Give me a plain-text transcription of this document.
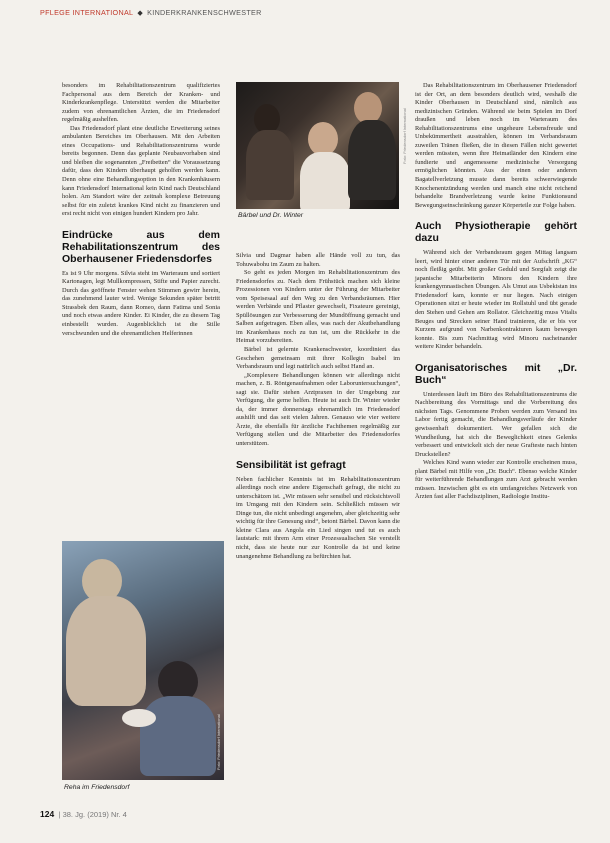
PFLEGE INTERNATIONAL ◆ KINDERKRANKENSCHWESTER

besonders im Rehabilitationszentrum qualifiziertes Fachpersonal aus dem Bereich der Kranken- und Kinderkrankenpflege. Unterstützt werden die Mitarbeiter zudem von ehrenamtlichen Ärzten, die im Friedensdorf regelmäßig aushelfen.

Das Friedensdorf plant eine deutliche Erweiterung seines ambulanten Bereiches im Oberhausen. Mit den Arbeiten eines Occupations- und Rehabilitationszentrums wurde bereits begonnen. Denn das geplante Neubauvorhaben sind und bleiben die sogenannten „Freibetten“ die Voraussetzung dafür, dass den Kindern überhaupt geholfen werden kann. Denn ohne eine Behandlungsoption in den Krankenhäusern kann Friedensdorf International kein Kind nach Deutschland holen. Am Standort wäre der zeitnah komplexe Betreuung selbst für ein zuletzt krankes Kind nicht zu finanzieren und erst recht nicht von einigen hundert Kindern pro Jahr.

Eindrücke aus dem Rehabilitationszentrum des Oberhausener Friedensdorfes

Es ist 9 Uhr morgens. Silvia steht im Warteraum und sortiert Kartonagen, legt Mullkompressen, Stifte und Papier zurecht. Durch das geöffnete Fenster wehen Stimmen gewirr herein, das zunehmend lauter wird. Wenige Sekunden später betritt Strassbek den Raum, dann Romeo, dann Fatima und Sonia und noch etwas andere Kinder. Ei Kinder, die zu diesem Tag einbestellt wurden. Augenblicklich ist die Stille verschwunden und die ehrenamtlichen Helferinnen

Foto: Friedensdorf International
Bärbel und Dr. Winter

Silvia und Dagmar haben alle Hände voll zu tun, das Tohuwabohu im Zaum zu halten.

So geht es jeden Morgen im Rehabilitationszentrum des Friedensdorfes zu. Nach dem Frühstück machen sich kleine Prozessionen von Kindern unter der Führung der Mitarbeiter vom Speisesaal auf den Weg zu den Verbandsräumen. Hier werden Verbände und Pflaster gewechselt, Fixateure gereinigt, Spüllösungen zur Verbesserung der Mundöffnung gemacht und Salben aufgetragen. Eben alles, was nach der Akutbehandlung im Krankenhaus noch zu tun ist, um die Rückkehr in die Heimat vorzubereiten.

Bärbel ist gelernte Krankenschwester, koordiniert das Geschehen gemeinsam mit ihrer Kollegin Isabel im Verbandsraum und legt natürlich auch selbst Hand an.

„Komplexere Behandlungen können wir allerdings nicht machen, z. B. Röntgenaufnahmen oder Laboruntersuchungen“, sagt sie. Dafür stehen Arztpraxen in der Umgebung zur Verfügung, die gerne helfen. Heute ist auch Dr. Winter wieder da, der immer donnerstags ehrenamtlich im Friedensdorf aushilft und das seit vielen Jahren. Genauso wie vier weitere Ärzte, die ebenfalls für ärztliche Fachthemen regelmäßig zur Verfügung stellen und die Mitarbeiter des Friedensdorfes unterstützen.

Sensibilität ist gefragt

Neben fachlicher Kenntnis ist im Rehabilitationszentrum allerdings noch eine andere Eigenschaft gefragt, die nicht zu unterschätzen ist. „Wir müssen sehr sensibel und rücksichtsvoll im Umgang mit den Kindern sein. Schließlich müssen wir Dinge tun, die nicht unbedingt angenehm, aber gleichzeitig sehr wichtig für ihre Genesung sind“, betont Bärbel. Davon kann die kleine Clara aus Angola ein Lied singen und tut es auch lautstark: mit ihrem Arm einer Prozessualischen Sie verstellt nicht, dass sie heute nur zur Kontrolle da ist und keine unangenehme Behandlung zu befürchten hat.

Foto: Friedensdorf International
Reha im Friedensdorf

Das Rehabilitationszentrum im Oberhausener Friedensdorf ist der Ort, an dem besonders deutlich wird, weshalb die Kinder Oberhausen in Deutschland sind, nämlich aus medizinischen Gründen. Während sie beim Spielen im Dorf draußen und leben noch im Warteraum des Rehabilitationszentrums eine ungeheure Lebensfreude und Unbekümmertheit ausstrahlen, können im Verbandsraum zuweilen Tränen fließen, die in diesen Fällen nicht gewertet werden müssten, wenn ihre Heimatländer den Kindern eine fundierte und angemessene medizinische Versorgung ermöglichen könnten. Aus der einen oder anderen Bagatellverletzung musste dann bereits schwerwiegende Knochenentzündung werden und manch eine nicht reichend behandelte Brandverletzung wurde keine Funktionsund Bewegungseinschränkung ganzer Körperteile zur Folge haben.

Auch Physiotherapie gehört dazu

Während sich der Verbandsraum gegen Mittag langsam leert, wird hinter einer anderen Tür mit der Aufschrift „KG“ noch fleißig geübt. Mit großer Geduld und Sorgfalt zeigt die japanische Mitarbeiterin Minoru den Kindern ihre krankengymnastischen Übungen. Als Umut aus Usbekistan ins Friedensdorf kam, konnte er nur liegen. Nach einigen Operationen sitzt er heute wieder im Rollstuhl und übt gerade den Stehen und Gehen am Rollator. Gleichzeitig muss Vitalis Beuges und Strecken seiner Hand trainieren, die er bis vor Kurzem aufgrund von Narbenkontrakturen kaum bewegen konnte. Bis zum Nachmittag wird Minoru nacheinander weitere Kinder behandeln.

Organisatorisches mit „Dr. Buch“

Unterdessen läuft im Büro des Rehabilitationszentrums die Nachbereitung des Vormittags und die Vorbereitung des nächsten Tags. Genommene Proben werden zum Versand ins Labor fertig gemacht, die Behandlungsverläufe der Kinder gewissenhaft dokumentiert. Wer gefallen sich die Wundheilung, hat sich die Beweglichkeit eines Gelenks verbessert und entwickelt sich der neue Grafteste nach hinten Druckstellen?

Welches Kind wann wieder zur Kontrolle erscheinen muss, plant Bärbel mit Hilfe von „Dr. Buch“. Ebenso welche Kinder für weiterführende Behandlungen zum Arzt gebracht werden müssen. Inzwischen gibt es ein umfangreiches Netzwerk von Ärzten fast aller Fachdisziplinen, Radiologie Institu-

124 | 38. Jg. (2019) Nr. 4
